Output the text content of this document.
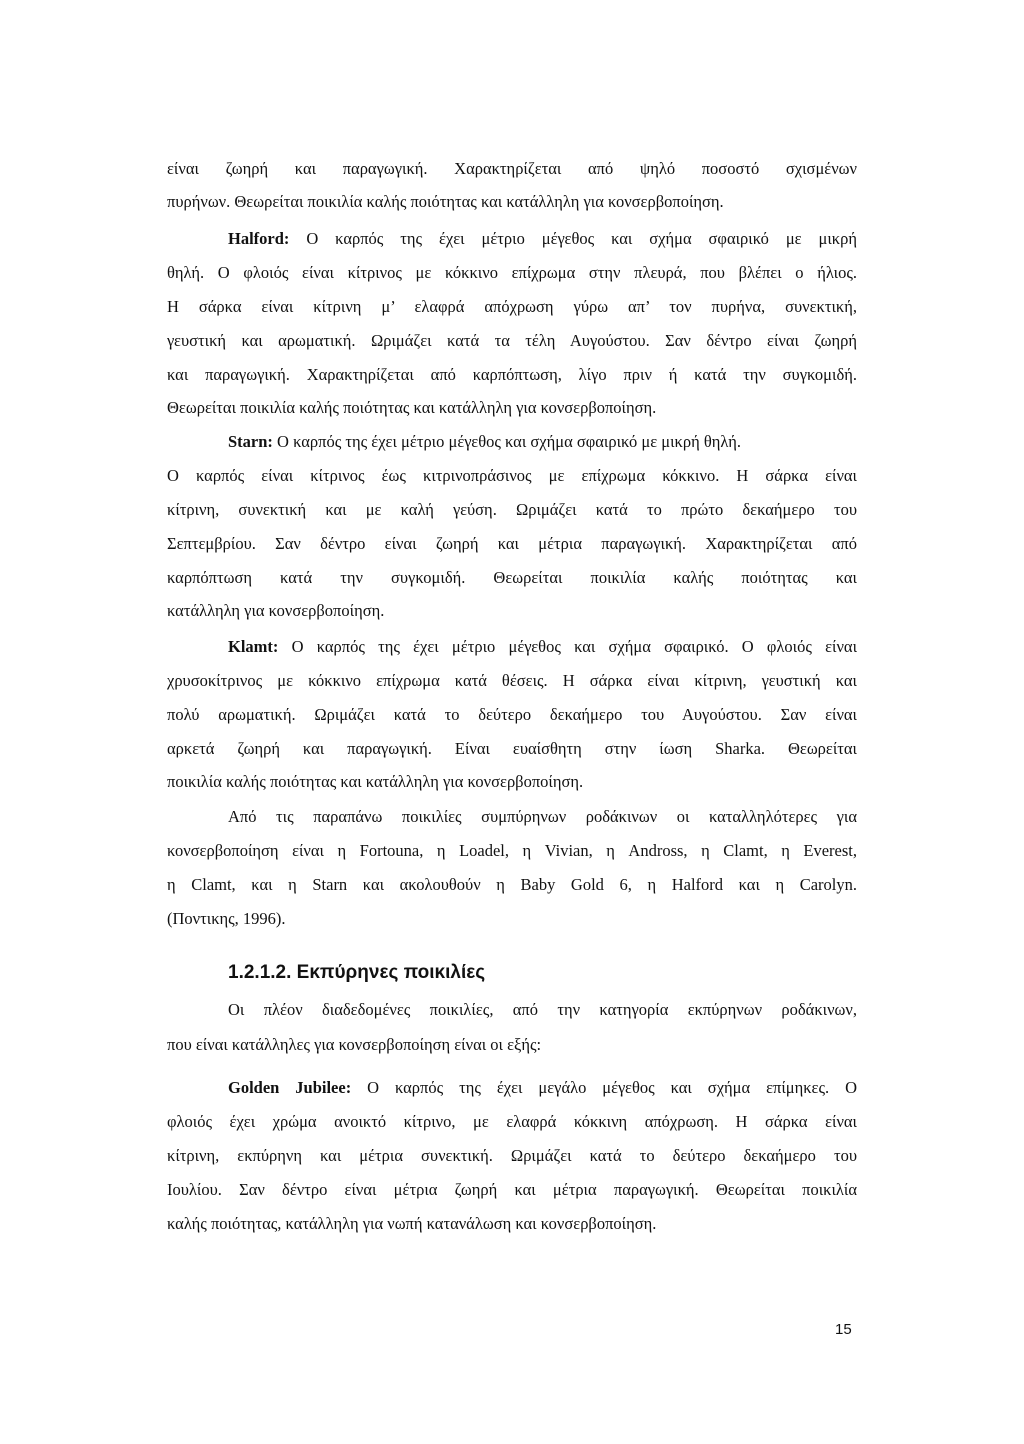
είναι ζωηρή και παραγωγική. Χαρακτηρίζεται από ψηλό ποσοστό σχισμένων
πυρήνων. Θεωρείται ποικιλία καλής ποιότητας και κατάλληλη για κονσερβοποίηση.
Halford: Ο καρπός της έχει μέτριο μέγεθος και σχήμα σφαιρικό με μικρή
θηλή. Ο φλοιός είναι κίτρινος με κόκκινο επίχρωμα στην πλευρά, που βλέπει ο ήλιος.
Η σάρκα είναι κίτρινη μ’ ελαφρά απόχρωση γύρω απ’ τον πυρήνα, συνεκτική,
γευστική και αρωματική. Ωριμάζει κατά τα τέλη Αυγούστου. Σαν δέντρο είναι ζωηρή
και παραγωγική. Χαρακτηρίζεται από καρπόπτωση, λίγο πριν ή κατά την συγκομιδή.
Θεωρείται ποικιλία καλής ποιότητας και κατάλληλη για κονσερβοποίηση.
Starn: Ο καρπός της έχει μέτριο μέγεθος και σχήμα σφαιρικό με μικρή θηλή.
Ο καρπός είναι κίτρινος έως κιτρινοπράσινος με επίχρωμα κόκκινο. Η σάρκα είναι
κίτρινη, συνεκτική και με καλή γεύση. Ωριμάζει κατά το πρώτο δεκαήμερο του
Σεπτεμβρίου. Σαν δέντρο είναι ζωηρή και μέτρια παραγωγική. Χαρακτηρίζεται από
καρπόπτωση κατά την συγκομιδή. Θεωρείται ποικιλία καλής ποιότητας και
κατάλληλη για κονσερβοποίηση.
Klamt: Ο καρπός της έχει μέτριο μέγεθος και σχήμα σφαιρικό. Ο φλοιός είναι
χρυσοκίτρινος με κόκκινο επίχρωμα κατά θέσεις. Η σάρκα είναι κίτρινη, γευστική και
πολύ αρωματική. Ωριμάζει κατά το δεύτερο δεκαήμερο του Αυγούστου. Σαν είναι
αρκετά ζωηρή και παραγωγική. Είναι ευαίσθητη στην ίωση Sharka. Θεωρείται
ποικιλία καλής ποιότητας και κατάλληλη για κονσερβοποίηση.
Από τις παραπάνω ποικιλίες συμπύρηνων ροδάκινων οι καταλληλότερες για
κονσερβοποίηση είναι η Fortouna, η Loadel, η Vivian, η Andross, η Clamt, η Everest,
η Clamt, και η Starn και ακολουθούν η Baby Gold 6, η Halford και η Carolyn.
(Ποντικης, 1996).
1.2.1.2. Εκπύρηνες ποικιλίες
Οι πλέον διαδεδομένες ποικιλίες, από την κατηγορία εκπύρηνων ροδάκινων,
που είναι κατάλληλες για κονσερβοποίηση είναι οι εξής:
Golden Jubilee: Ο καρπός της έχει μεγάλο μέγεθος και σχήμα επίμηκες. Ο
φλοιός έχει χρώμα ανοικτό κίτρινο, με ελαφρά κόκκινη απόχρωση. Η σάρκα είναι
κίτρινη, εκπύρηνη και μέτρια συνεκτική. Ωριμάζει κατά το δεύτερο δεκαήμερο του
Ιουλίου. Σαν δέντρο είναι μέτρια ζωηρή και μέτρια παραγωγική. Θεωρείται ποικιλία
καλής ποιότητας, κατάλληλη για νωπή κατανάλωση και κονσερβοποίηση.
15
